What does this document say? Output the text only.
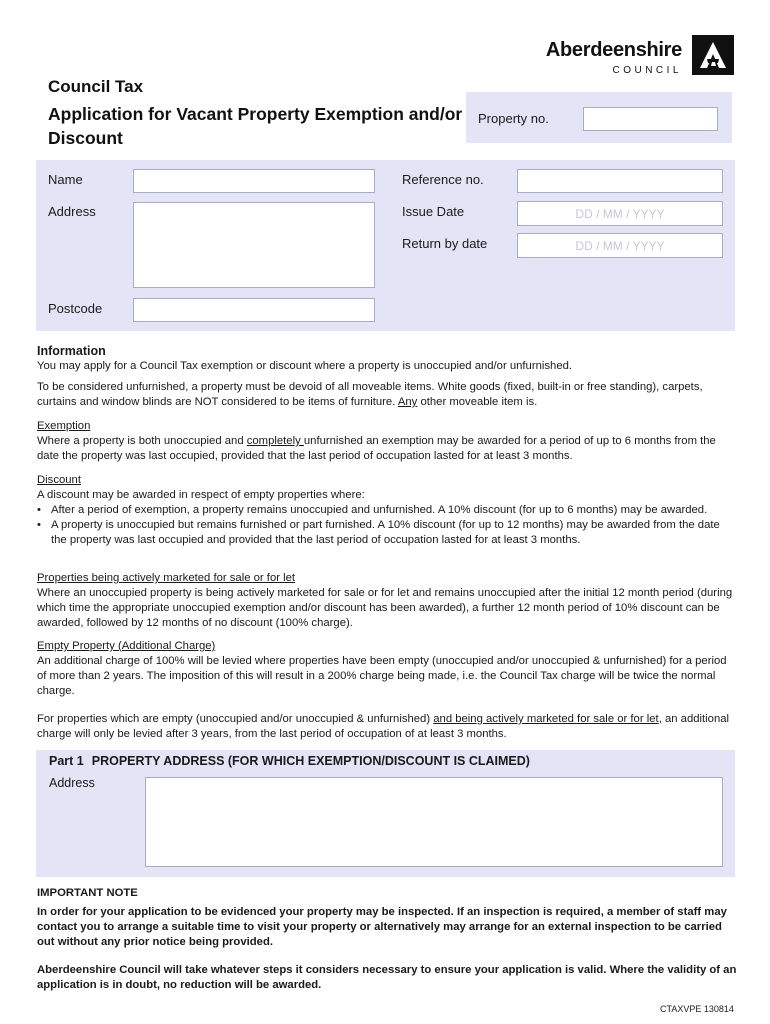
Aberdeenshire
COUNCIL
Council Tax
Application for Vacant Property Exemption and/or Discount
Property no.
Name
Address
Postcode
Reference no.
Issue Date	DD / MM / YYYY
Return by date	DD / MM / YYYY

Information

You may apply for a Council Tax exemption or discount where a property is unoccupied and/or unfurnished.

To be considered unfurnished, a property must be devoid of all moveable items. White goods (fixed, built-in or free standing), carpets, curtains and window blinds are NOT considered to be items of furniture. Any other moveable item is.

Exemption

Where a property is both unoccupied and completely unfurnished an exemption may be awarded for a period of up to 6 months from the date the property was last occupied, provided that the last period of occupation lasted for at least 3 months.

Discount

A discount may be awarded in respect of empty properties where:

• After a period of exemption, a property remains unoccupied and unfurnished. A 10% discount (for up to 6 months) may be awarded.
• A property is unoccupied but remains furnished or part furnished. A 10% discount (for up to 12 months) may be awarded from the date the property was last occupied and provided that the last period of occupation lasted for at least 3 months.

Properties being actively marketed for sale or for let

Where an unoccupied property is being actively marketed for sale or for let and remains unoccupied after the initial 12 month period (during which time the appropriate unoccupied exemption and/or discount has been awarded), a further 12 month period of 10% discount can be awarded, followed by 12 months of no discount (100% charge).

Empty Property (Additional Charge)

An additional charge of 100% will be levied where properties have been empty (unoccupied and/or unoccupied & unfurnished) for a period of more than 2 years. The imposition of this will result in a 200% charge being made, i.e. the Council Tax charge will be twice the normal charge.

For properties which are empty (unoccupied and/or unoccupied & unfurnished) and being actively marketed for sale or for let, an additional charge will only be levied after 3 years, from the last period of occupation of at least 3 months.

Part 1 PROPERTY ADDRESS (FOR WHICH EXEMPTION/DISCOUNT IS CLAIMED)
Address

IMPORTANT NOTE

In order for your application to be evidenced your property may be inspected. If an inspection is required, a member of staff may contact you to arrange a suitable time to visit your property or alternatively may arrange for an external inspection to be carried out without any prior notice being provided.

Aberdeenshire Council will take whatever steps it considers necessary to ensure your application is valid. Where the validity of an application is in doubt, no reduction will be awarded.

CTAXVPE 130814
